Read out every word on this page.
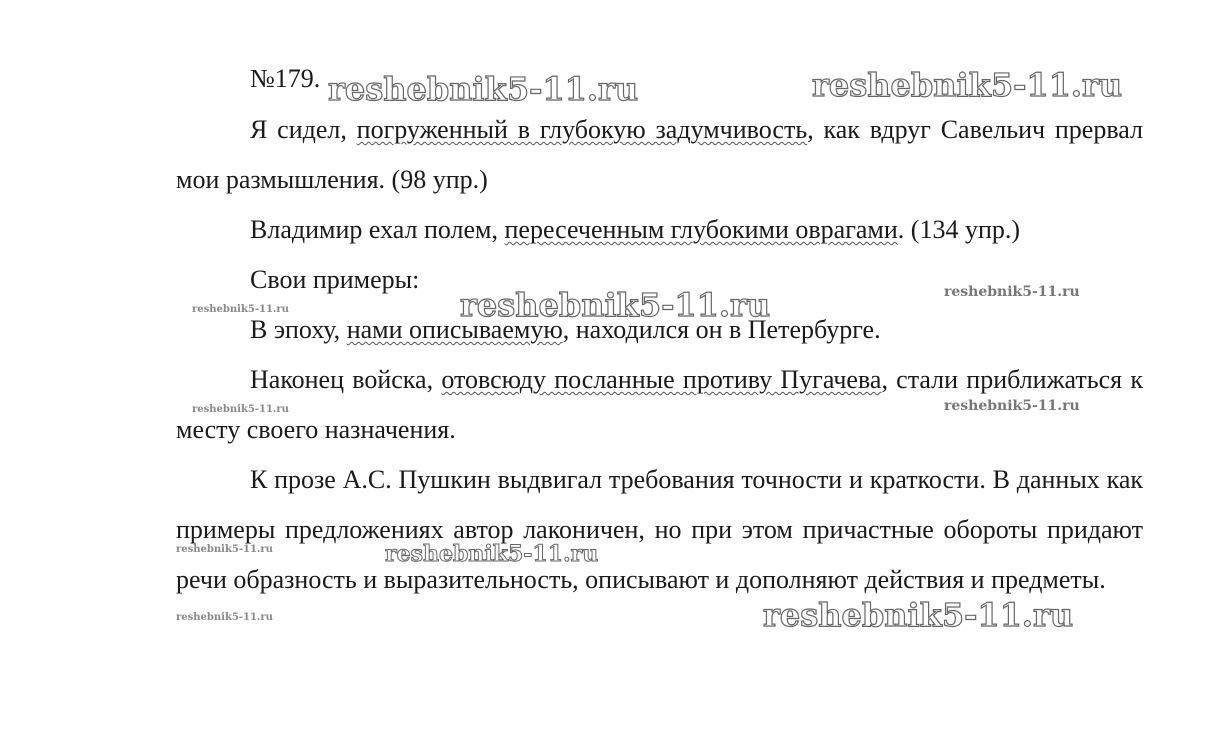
№179.

Я сидел, погруженный в глубокую задумчивость, как вдруг Савельич прервал мои размышления. (98 упр.)

Владимир ехал полем, пересеченным глубокими оврагами. (134 упр.)

Свои примеры:

В эпоху, нами описываемую, находился он в Петербурге.

Наконец войска, отовсюду посланные противу Пугачева, стали приближаться к месту своего назначения.

К прозе А.С. Пушкин выдвигал требования точности и краткости. В данных как примеры предложениях автор лаконичен, но при этом причастные обороты придают речи образность и выразительность, описывают и дополняют действия и предметы.

reshebnik5-11.ru	reshebnik5-11.ru
reshebnik5-11.ru
reshebnik5-11.ru
reshebnik5-11.ru
reshebnik5-11.ru
reshebnik5-11.ru
reshebnik5-11.ru
reshebnik5-11.ru
reshebnik5-11.ru
reshebnik5-11.ru
